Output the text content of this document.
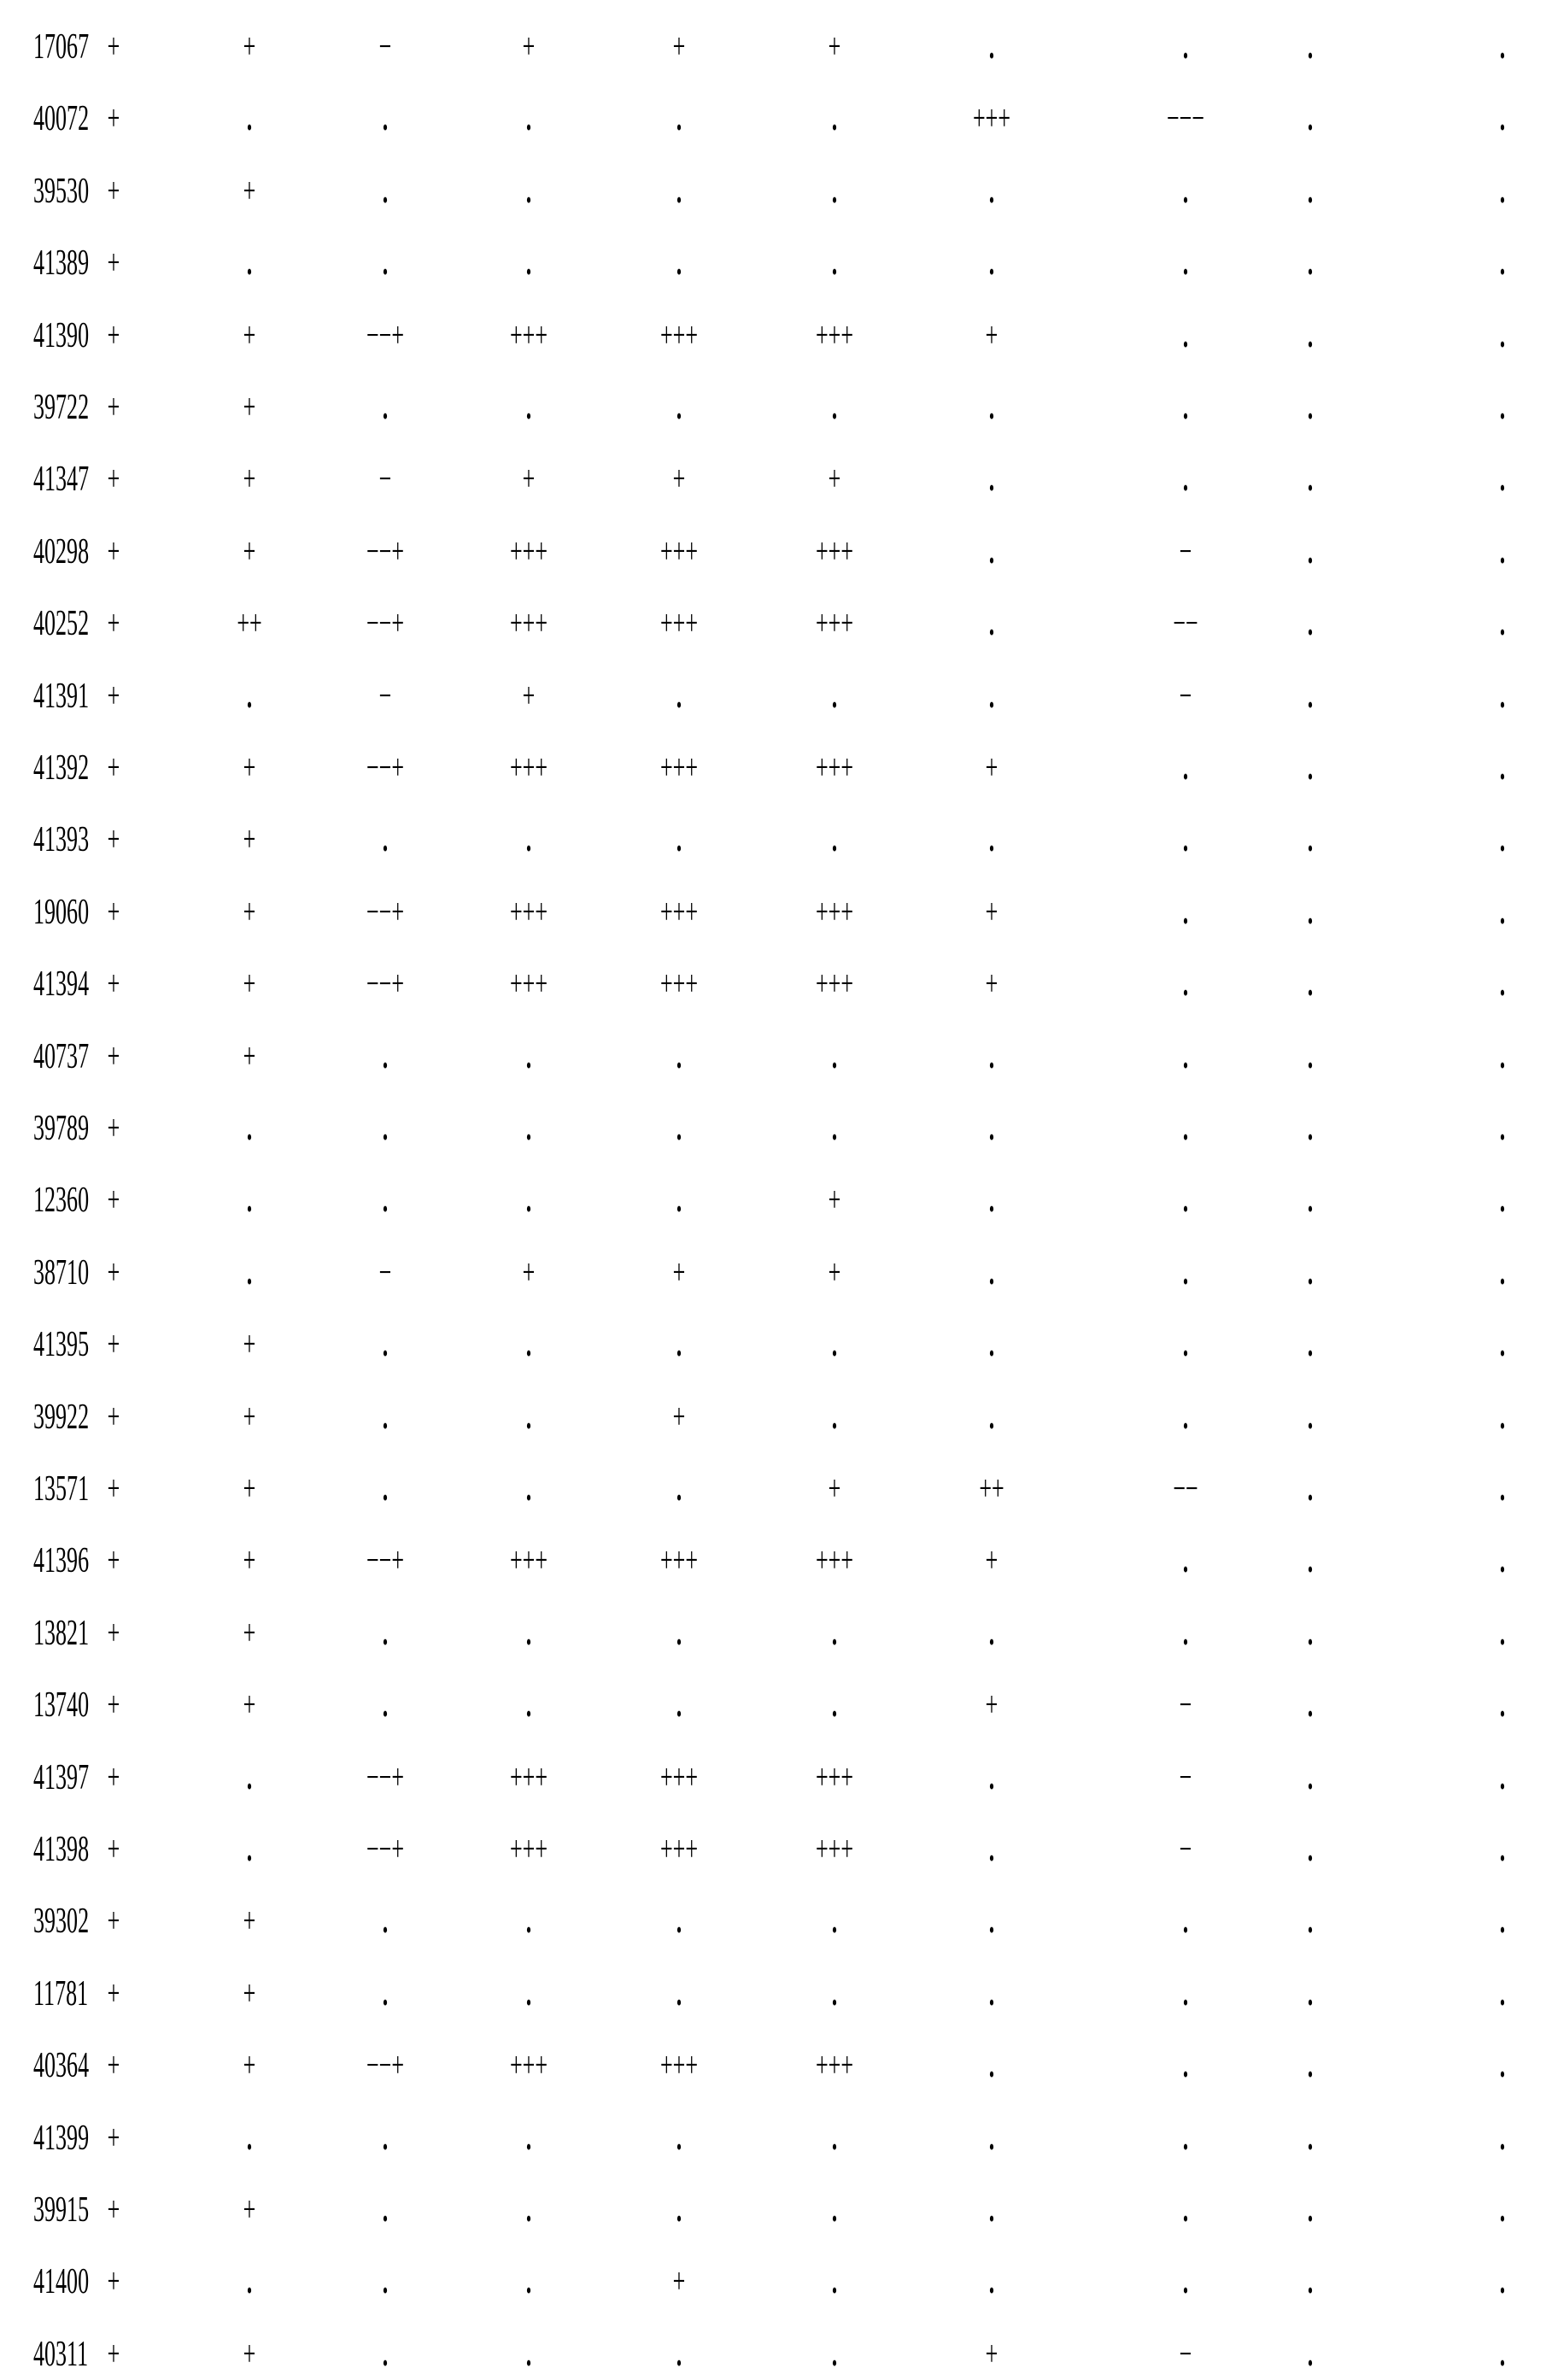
17067 +	+	−	+	+	+	.	.	.	.
40072 +	.	.	.	.	.	+++	−−−	.	.
39530 +	+	.	.	.	.	.	.	.	.
41389 +	.	.	.	.	.	.	.	.	.
41390 +	+	−−+	+++	+++	+++	+	.	.	.
39722 +	+	.	.	.	.	.	.	.	.
41347 +	+	−	+	+	+	.	.	.	.
40298 +	+	−−+	+++	+++	+++	.	−	.	.
40252 +	++	−−+	+++	+++	+++	.	−−	.	.
41391 +	.	−	+	.	.	.	−	.	.
41392 +	+	−−+	+++	+++	+++	+	.	.	.
41393 +	+	.	.	.	.	.	.	.	.
19060 +	+	−−+	+++	+++	+++	+	.	.	.
41394 +	+	−−+	+++	+++	+++	+	.	.	.
40737 +	+	.	.	.	.	.	.	.	.
39789 +	.	.	.	.	.	.	.	.	.
12360 +	.	.	.	.	+	.	.	.	.
38710 +	.	−	+	+	+	.	.	.	.
41395 +	+	.	.	.	.	.	.	.	.
39922 +	+	.	.	+	.	.	.	.	.
13571 +	+	.	.	.	+	++	−−	.	.
41396 +	+	−−+	+++	+++	+++	+	.	.	.
13821 +	+	.	.	.	.	.	.	.	.
13740 +	+	.	.	.	.	+	−	.	.
41397 +	.	−−+	+++	+++	+++	.	−	.	.
41398 +	.	−−+	+++	+++	+++	.	−	.	.
39302 +	+	.	.	.	.	.	.	.	.
11781 +	+	.	.	.	.	.	.	.	.
40364 +	+	−−+	+++	+++	+++	.	.	.	.
41399 +	.	.	.	.	.	.	.	.	.
39915 +	+	.	.	.	.	.	.	.	.
41400 +	.	.	.	+	.	.	.	.	.
40311 +	+	.	.	.	.	+	−	.	.
